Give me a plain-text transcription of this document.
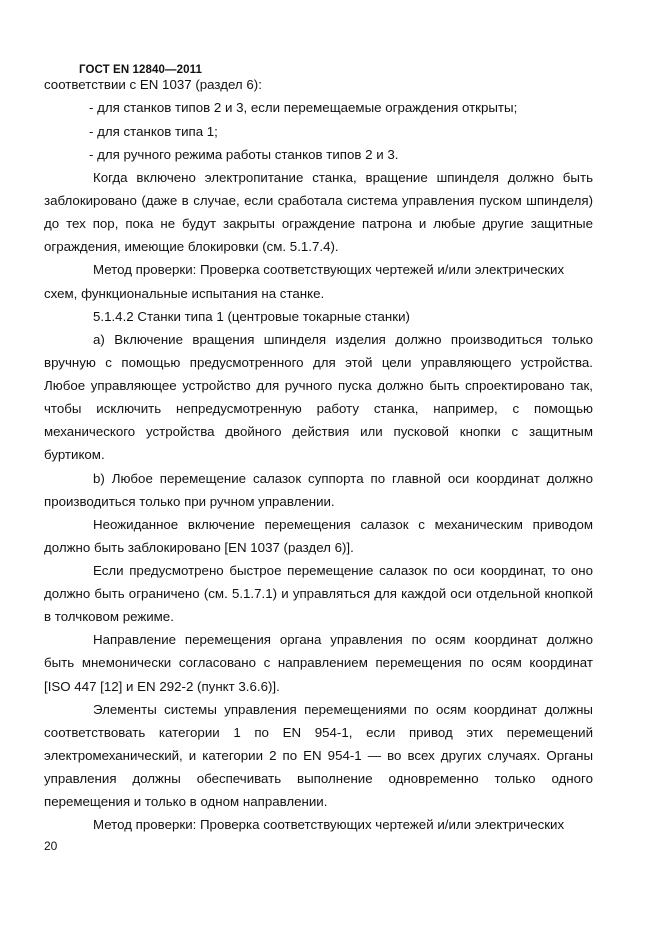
ГОСТ EN 12840—2011
соответствии с EN 1037 (раздел 6):
- для станков типов 2 и 3, если перемещаемые ограждения открыты;
- для станков типа 1;
- для ручного режима работы станков типов 2 и 3.
Когда включено электропитание станка, вращение шпинделя должно быть
заблокировано (даже в случае, если сработала система управления пуском шпинделя)
до тех пор, пока не будут закрыты ограждение патрона и любые другие защитные
ограждения, имеющие блокировки (см. 5.1.7.4).
Метод проверки: Проверка соответствующих чертежей и/или электрических
схем, функциональные испытания на станке.
5.1.4.2 Станки типа 1 (центровые токарные станки)
а) Включение вращения шпинделя изделия должно производиться только
вручную с помощью предусмотренного для этой цели управляющего устройства.
Любое управляющее устройство для ручного пуска должно быть спроектировано так,
чтобы исключить непредусмотренную работу станка, например, с помощью
механического устройства двойного действия или пусковой кнопки с защитным
буртиком.
b) Любое перемещение салазок суппорта по главной оси координат должно
производиться только при ручном управлении.
Неожиданное включение перемещения салазок с механическим приводом
должно быть заблокировано [EN 1037 (раздел 6)].
Если предусмотрено быстрое перемещение салазок по оси координат, то оно
должно быть ограничено (см. 5.1.7.1) и управляться для каждой оси отдельной кнопкой
в толчковом режиме.
Направление перемещения органа управления по осям координат должно
быть мнемонически согласовано с направлением перемещения по осям координат
[ISO 447 [12] и EN 292-2 (пункт 3.6.6)].
Элементы системы управления перемещениями по осям координат должны
соответствовать категории 1 по EN 954-1, если привод этих перемещений
электромеханический, и категории 2 по EN 954-1 — во всех других случаях. Органы
управления должны обеспечивать выполнение одновременно только одного
перемещения и только в одном направлении.
Метод проверки: Проверка соответствующих чертежей и/или электрических
20
